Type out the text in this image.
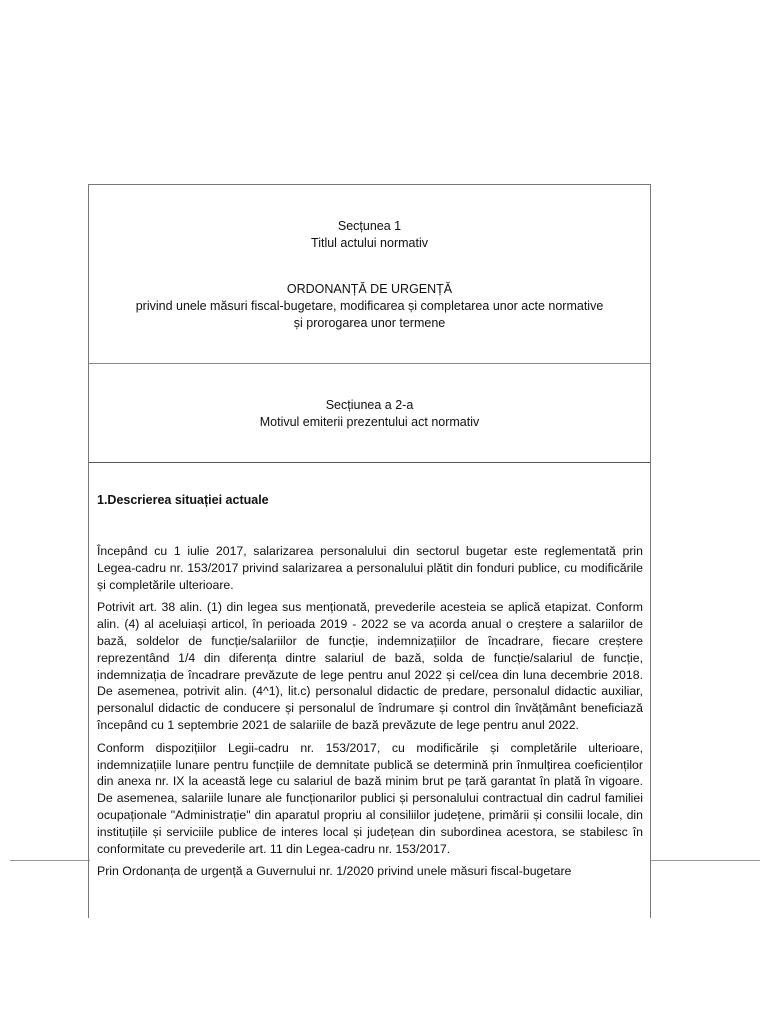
Secțunea 1
Titlul actului normativ
ORDONANȚĂ DE URGENȚĂ
privind unele măsuri fiscal-bugetare, modificarea și completarea unor acte normative
și prorogarea unor termene
Secțiunea a 2-a
Motivul emiterii prezentului act normativ
1.Descrierea situației actuale

Începând cu 1 iulie 2017, salarizarea personalului din sectorul bugetar este reglementată prin Legea-cadru nr. 153/2017 privind salarizarea a personalului plătit din fonduri publice, cu modificările și completările ulterioare.

Potrivit art. 38 alin. (1) din legea sus menționată, prevederile acesteia se aplică etapizat. Conform alin. (4) al aceluiași articol, în perioada 2019 - 2022 se va acorda anual o creștere a salariilor de bază, soldelor de funcție/salariilor de funcție, indemnizațiilor de încadrare, fiecare creștere reprezentând 1/4 din diferența dintre salariul de bază, solda de funcție/salariul de funcție, indemnizația de încadrare prevăzute de lege pentru anul 2022 și cel/cea din luna decembrie 2018. De asemenea, potrivit alin. (4^1), lit.c) personalul didactic de predare, personalul didactic auxiliar, personalul didactic de conducere și personalul de îndrumare și control din învățământ beneficiază începând cu 1 septembrie 2021 de salariile de bază prevăzute de lege pentru anul 2022.

Conform dispozițiilor Legii-cadru nr. 153/2017, cu modificările și completările ulterioare, indemnizațiile lunare pentru funcțiile de demnitate publică se determină prin înmulțirea coeficienților din anexa nr. IX la această lege cu salariul de bază minim brut pe țară garantat în plată în vigoare. De asemenea, salariile lunare ale funcționarilor publici și personalului contractual din cadrul familiei ocupaționale "Administrație" din aparatul propriu al consiliilor județene, primării și consilii locale, din instituțiile și serviciile publice de interes local și județean din subordinea acestora, se stabilesc în conformitate cu prevederile art. 11 din Legea-cadru nr. 153/2017.

Prin Ordonanța de urgență a Guvernului nr. 1/2020 privind unele măsuri fiscal-bugetare
